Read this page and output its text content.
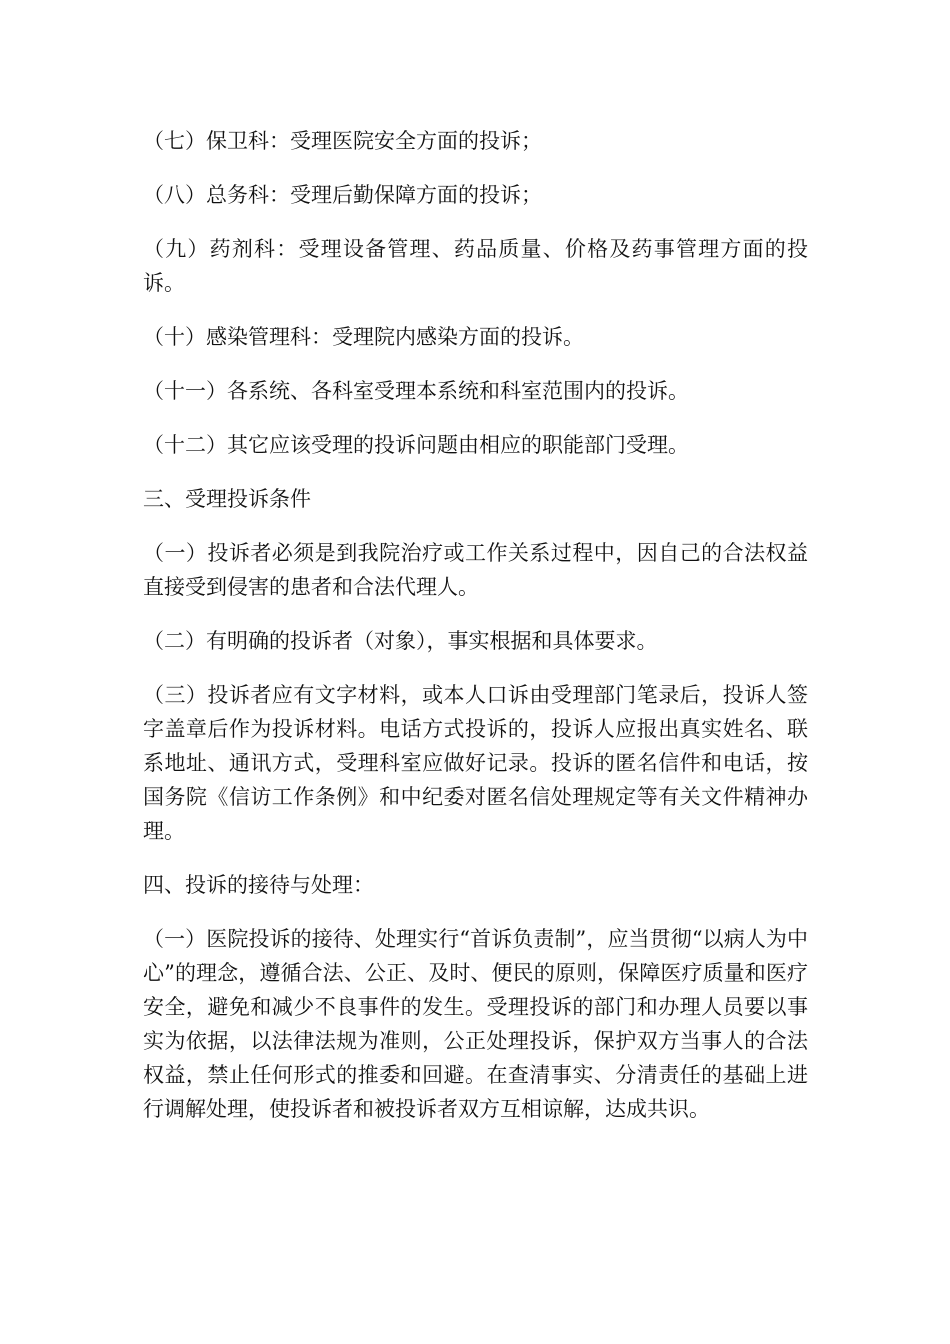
（七）保卫科：受理医院安全方面的投诉；

（八）总务科：受理后勤保障方面的投诉；

（九）药剂科：受理设备管理、药品质量、价格及药事管理方面的投诉。

（十）感染管理科：受理院内感染方面的投诉。

（十一）各系统、各科室受理本系统和科室范围内的投诉。

（十二）其它应该受理的投诉问题由相应的职能部门受理。

三、受理投诉条件

（一）投诉者必须是到我院治疗或工作关系过程中，因自己的合法权益直接受到侵害的患者和合法代理人。

（二）有明确的投诉者（对象），事实根据和具体要求。

（三）投诉者应有文字材料，或本人口诉由受理部门笔录后，投诉人签字盖章后作为投诉材料。电话方式投诉的，投诉人应报出真实姓名、联系地址、通讯方式，受理科室应做好记录。投诉的匿名信件和电话，按国务院《信访工作条例》和中纪委对匿名信处理规定等有关文件精神办理。

四、投诉的接待与处理：

（一）医院投诉的接待、处理实行“首诉负责制”，应当贯彻“以病人为中心”的理念，遵循合法、公正、及时、便民的原则，保障医疗质量和医疗安全，避免和减少不良事件的发生。受理投诉的部门和办理人员要以事实为依据，以法律法规为准则，公正处理投诉，保护双方当事人的合法权益，禁止任何形式的推委和回避。在查清事实、分清责任的基础上进行调解处理，使投诉者和被投诉者双方互相谅解，达成共识。
